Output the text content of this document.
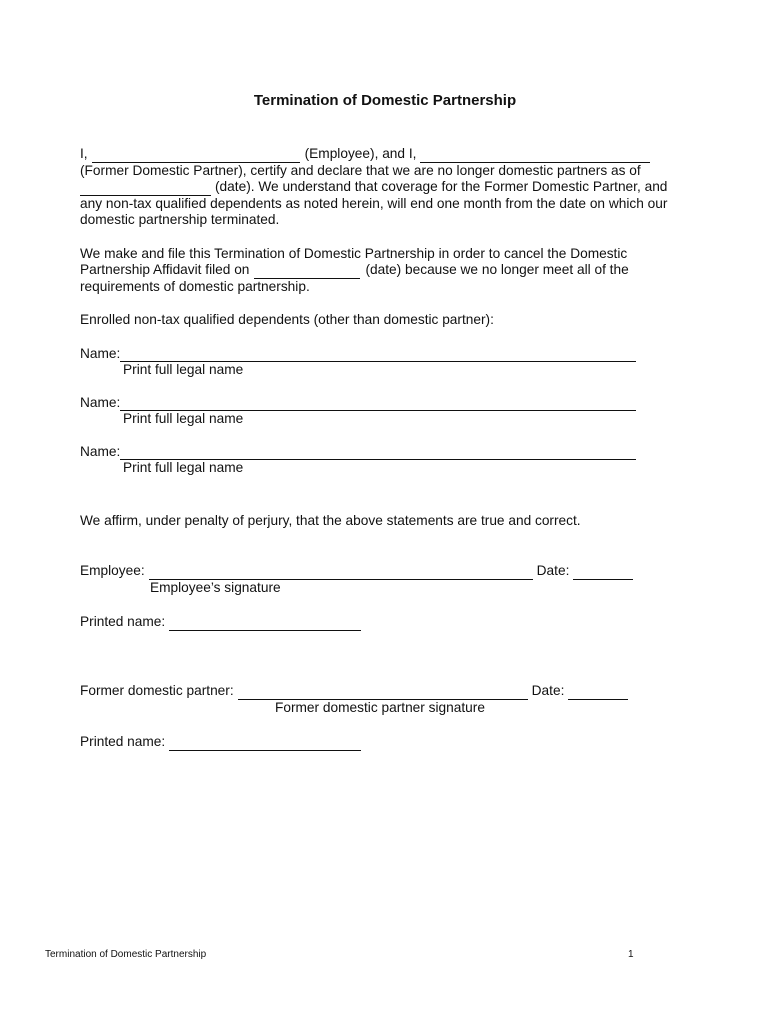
Termination of Domestic Partnership
I,	(Employee), and I,
(Former Domestic Partner), certify and declare that we are no longer domestic partners as of
(date). We understand that coverage for the Former Domestic Partner, and
any non-tax qualified dependents as noted herein, will end one month from the date on which our
domestic partnership terminated.
We make and file this Termination of Domestic Partnership in order to cancel the Domestic
Partnership Affidavit filed on	(date) because we no longer meet all of the
requirements of domestic partnership.
Enrolled non-tax qualified dependents (other than domestic partner):
Name:
Print full legal name
Name:
Print full legal name
Name:
Print full legal name
We affirm, under penalty of perjury, that the above statements are true and correct.
Employee:	Date:
Employee’s signature
Printed name:
Former domestic partner:	Date:
Former domestic partner signature
Printed name:
Termination of Domestic Partnership	1
